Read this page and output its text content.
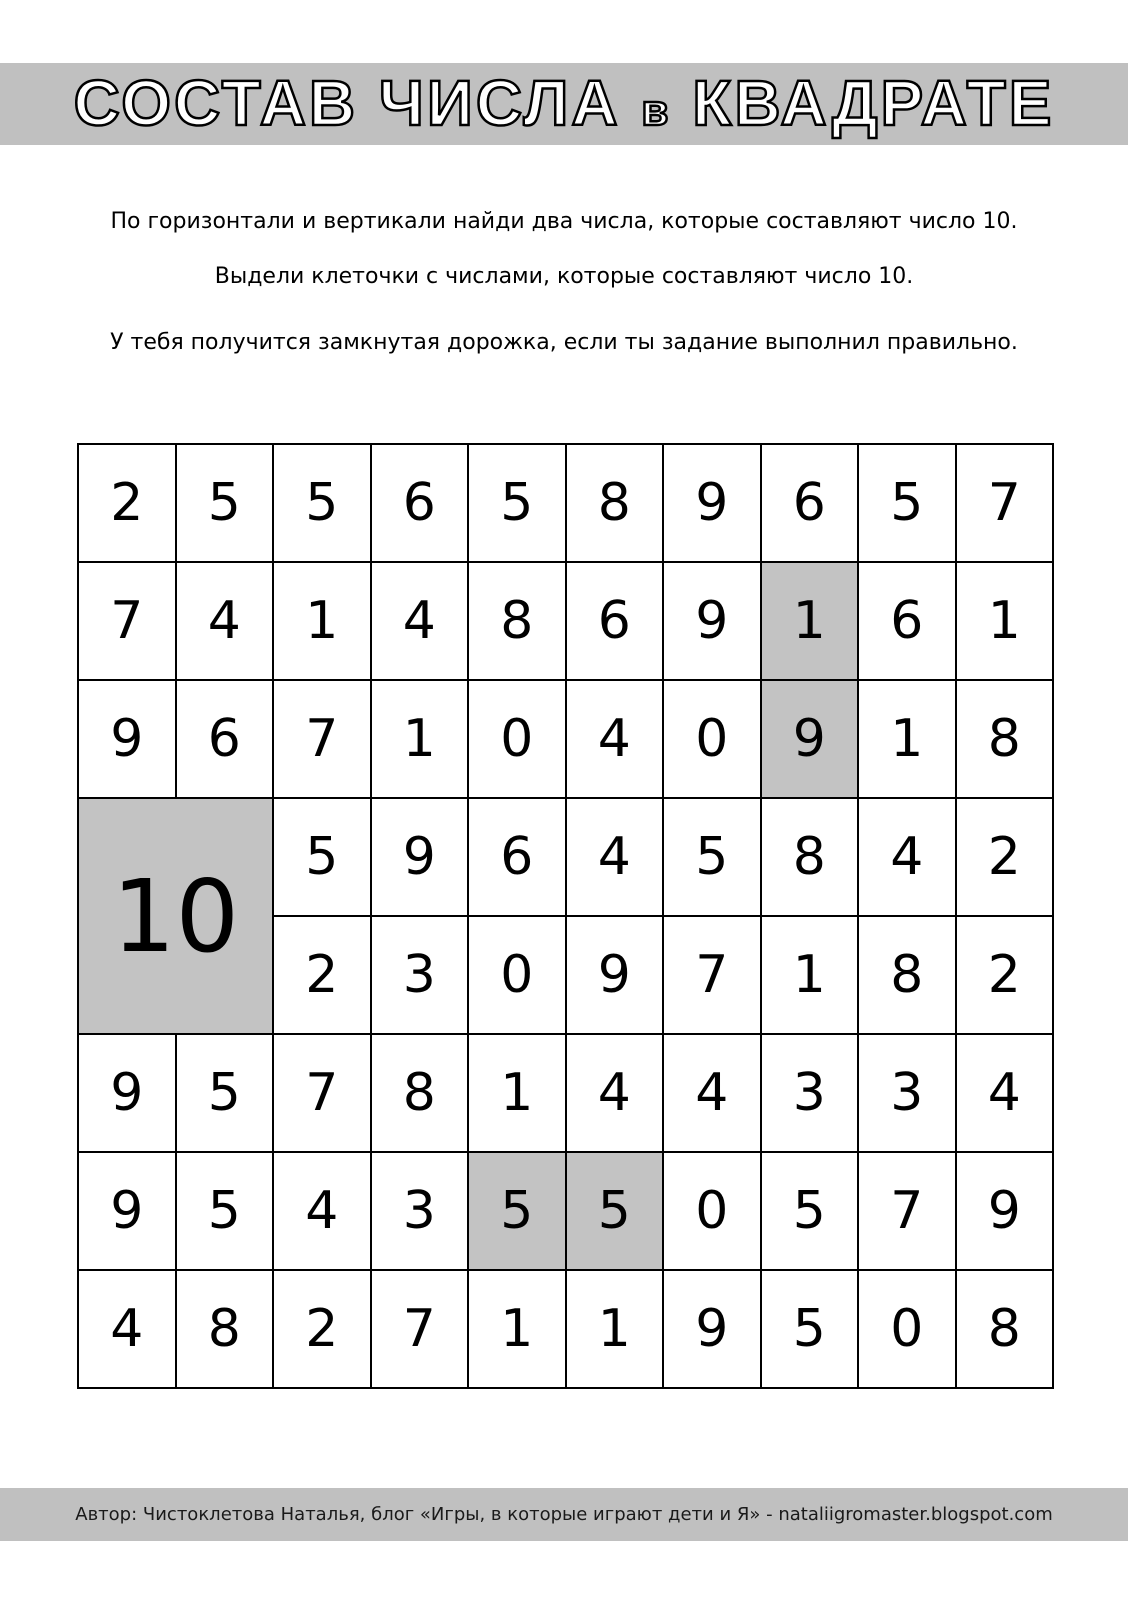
СОСТАВ ЧИСЛА в КВАДРАТЕ
По горизонтали и вертикали найди два числа, которые составляют число 10.
Выдели клеточки с числами, которые составляют число 10.
У тебя получится замкнутая дорожка, если ты задание выполнил правильно.
10
2	5	5	6	5	8	9	6	5	7
7	4	1	4	8	6	9	1	6	1
9	6	7	1	0	4	0	9	1	8
5	9	6	4	5	8	4	2
2	3	0	9	7	1	8	2
9	5	7	8	1	4	4	3	3	4
9	5	4	3	5	5	0	5	7	9
4	8	2	7	1	1	9	5	0	8
Автор: Чистоклетова Наталья, блог «Игры, в которые играют дети и Я» - nataliigromaster.blogspot.com
